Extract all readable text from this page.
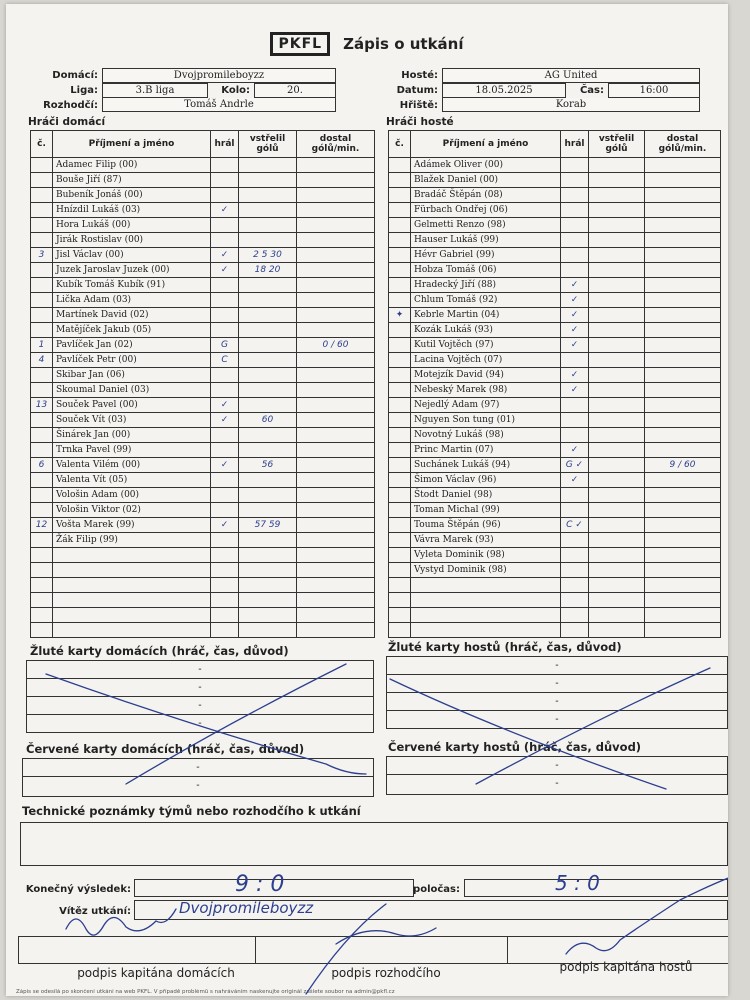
PKFL Zápis o utkání
Domácí:	Dvojpromileboyzz
Liga:	3.B liga	Kolo:	20.
Rozhodčí:	Tomáš Andrle
Hosté:	AG United
Datum:	18.05.2025	Čas:	16:00
Hřiště:	Korab
Hráči domácí	Hráči hosté
č.	Příjmení a jméno	hrál	vstřelil gólů	dostal gólů/min.
	Adamec Filip (00)			
	Bouše Jiří (87)			
	Bubeník Jonáš (00)			
	Hnízdil Lukáš (03)	✓		
	Hora Lukáš (00)			
	Jirák Rostislav (00)			
3	Jisl Václav (00)	✓	2 5 30	
	Juzek Jaroslav Juzek (00)	✓	18 20	
	Kubík Tomáš Kubík (91)			
	Lička Adam (03)			
	Martínek David (02)			
	Matějíček Jakub (05)			
1	Pavlíček Jan (02)	G		0 / 60
4	Pavlíček Petr (00)	C		
	Skibar Jan (06)			
	Skoumal Daniel (03)			
13	Souček Pavel (00)	✓		
	Souček Vít (03)	✓	60	
	Šinárek Jan (00)			
	Trnka Pavel (99)			
6	Valenta Vilém (00)	✓	56	
	Valenta Vít (05)			
	Vološin Adam (00)			
	Vološin Viktor (02)			
12	Vošta Marek (99)	✓	57 59	
	Žák Filip (99)			

č.	Příjmení a jméno	hrál	vstřelil gólů	dostal gólů/min.
	Adámek Oliver (00)			
	Blažek Daniel (00)			
	Bradáč Štěpán (08)			
	Fürbach Ondřej (06)			
	Gelmetti Renzo (98)			
	Hauser Lukáš (99)			
	Hévr Gabriel (99)			
	Hobza Tomáš (06)			
	Hradecký Jiří (88)	✓		
	Chlum Tomáš (92)	✓		
✦	Kebrle Martin (04)	✓		
	Kozák Lukáš (93)	✓		
	Kutil Vojtěch (97)	✓		
	Lacina Vojtěch (07)			
	Motejzík David (94)	✓		
	Nebeský Marek (98)	✓		
	Nejedlý Adam (97)			
	Nguyen Son tung (01)			
	Novotný Lukáš (98)			
	Princ Martin (07)	✓		
	Suchánek Lukáš (94)	G ✓		9 / 60
	Šimon Václav (96)	✓		
	Štodt Daniel (98)			
	Toman Michal (99)			
	Touma Štěpán (96)	C ✓		
	Vávra Marek (93)			
	Vyleta Dominik (98)			
	Vystyd Dominik (98)			

Žluté karty domácích (hráč, čas, důvod)
-
-
-
-
Žluté karty hostů (hráč, čas, důvod)
-
-
-
-
Červené karty domácích (hráč, čas, důvod)
-
-
Červené karty hostů (hráč, čas, důvod)
-
-
Technické poznámky týmů nebo rozhodčího k utkání
Konečný výsledek:	9 : 0	poločas:	5 : 0
Vítěz utkání:	Dvojpromileboyzz
podpis kapitána domácích	podpis rozhodčího	podpis kapitána hostů
Zápis se odesílá po skončení utkání na web PKFL. V případě problémů s nahráváním naskenujte originál zašlete soubor na admin@pkfl.cz
